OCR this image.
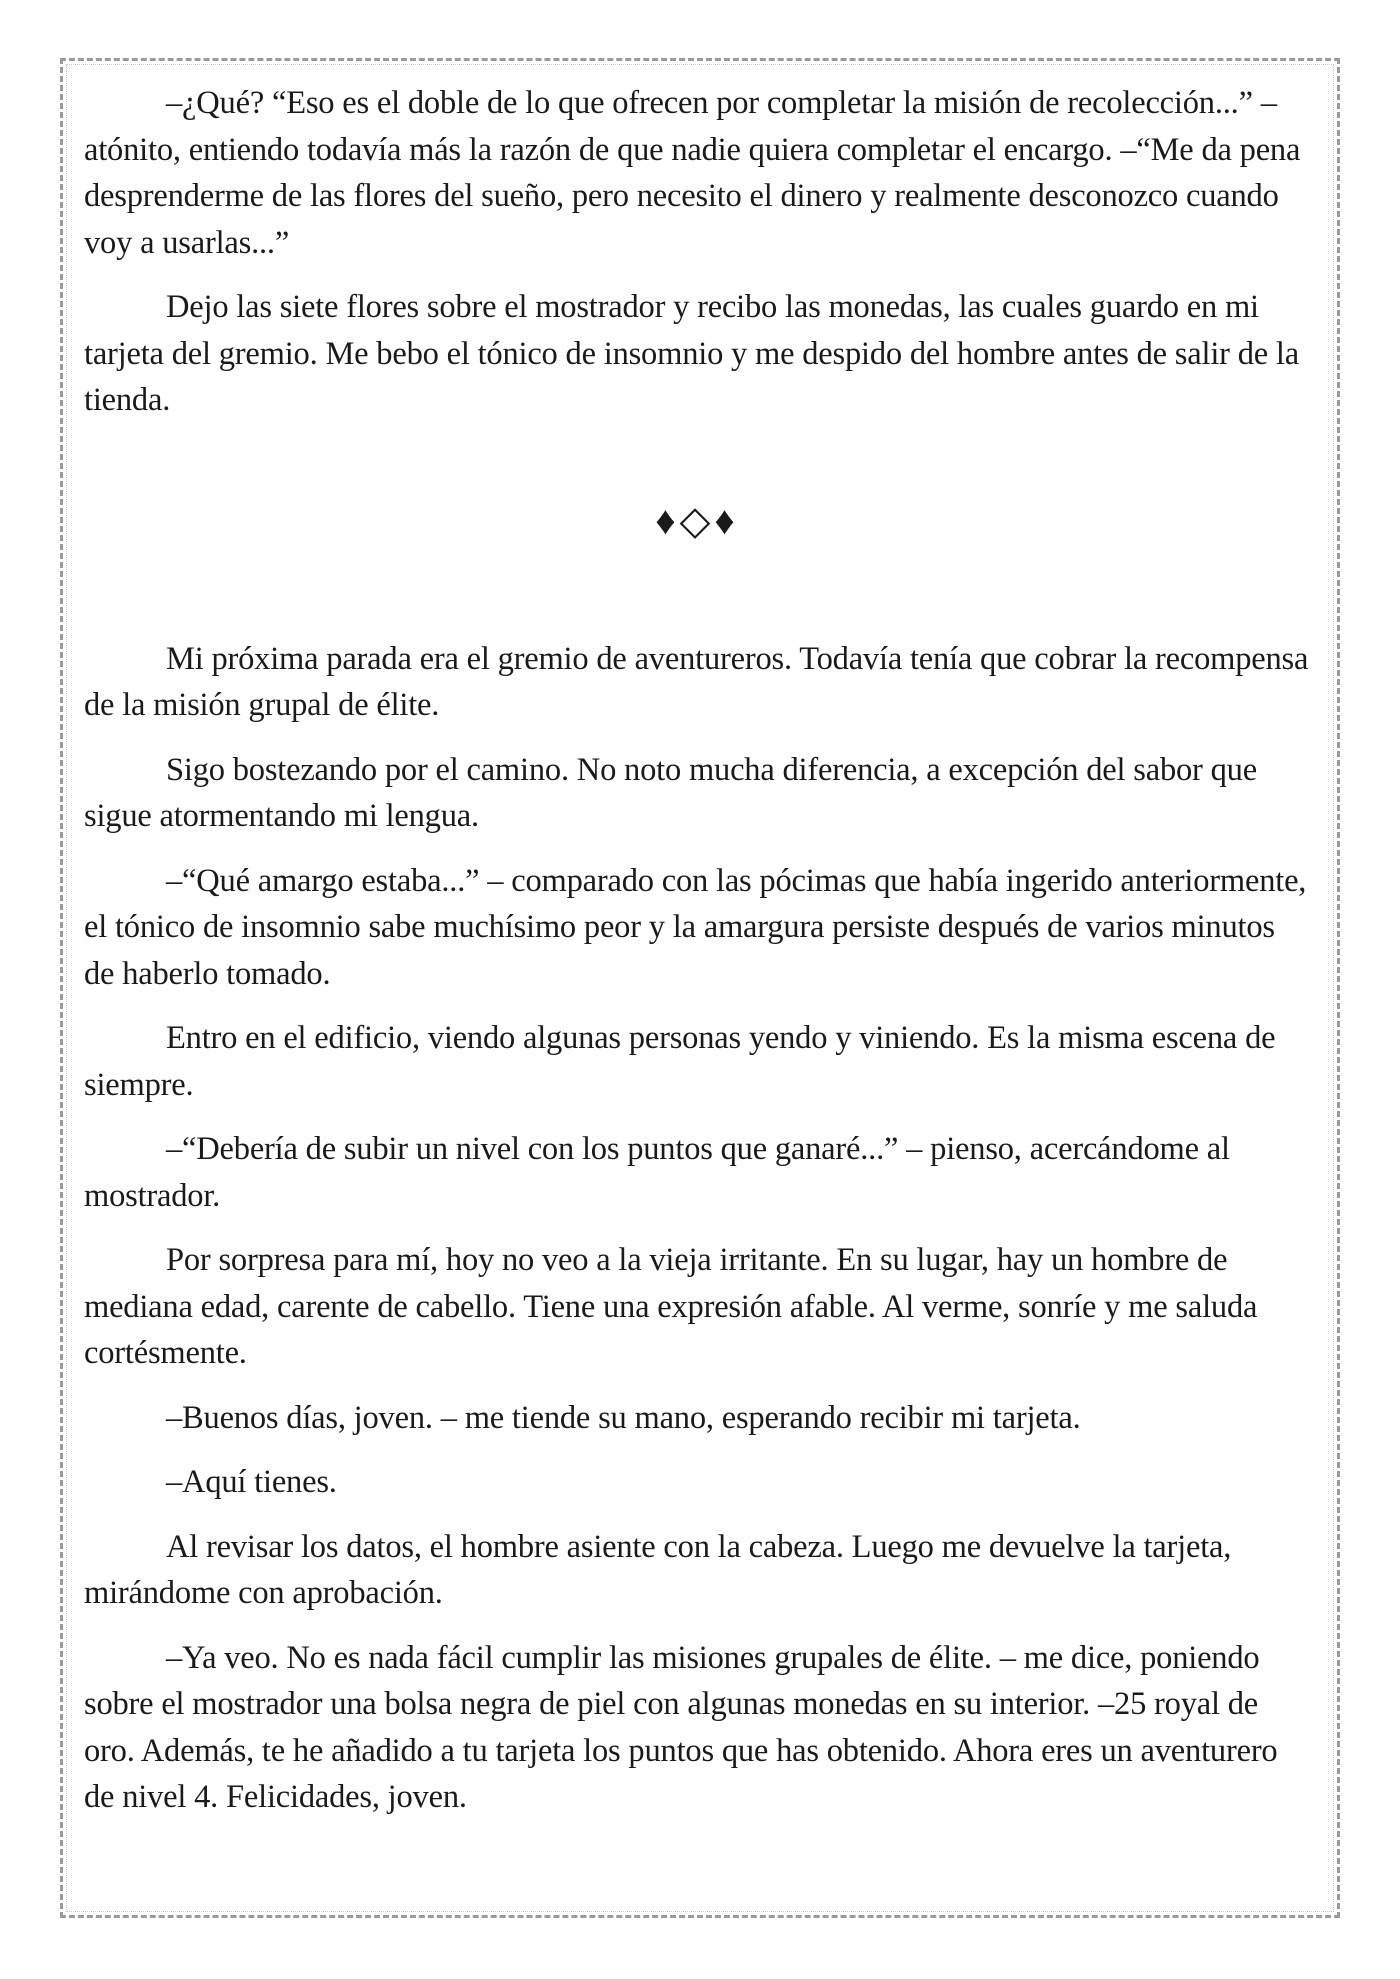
–¿Qué? “Eso es el doble de lo que ofrecen por completar la misión de recolección...” – atónito, entiendo todavía más la razón de que nadie quiera completar el encargo. –“Me da pena desprenderme de las flores del sueño, pero necesito el dinero y realmente desconozco cuando voy a usarlas...”

Dejo las siete flores sobre el mostrador y recibo las monedas, las cuales guardo en mi tarjeta del gremio. Me bebo el tónico de insomnio y me despido del hombre antes de salir de la tienda.

♦◇♦

Mi próxima parada era el gremio de aventureros. Todavía tenía que cobrar la recompensa de la misión grupal de élite.

Sigo bostezando por el camino. No noto mucha diferencia, a excepción del sabor que sigue atormentando mi lengua.

–“Qué amargo estaba...” – comparado con las pócimas que había ingerido anteriormente, el tónico de insomnio sabe muchísimo peor y la amargura persiste después de varios minutos de haberlo tomado.

Entro en el edificio, viendo algunas personas yendo y viniendo. Es la misma escena de siempre.

–“Debería de subir un nivel con los puntos que ganaré...” – pienso, acercándome al mostrador.

Por sorpresa para mí, hoy no veo a la vieja irritante. En su lugar, hay un hombre de mediana edad, carente de cabello. Tiene una expresión afable. Al verme, sonríe y me saluda cortésmente.

–Buenos días, joven. – me tiende su mano, esperando recibir mi tarjeta.

–Aquí tienes.

Al revisar los datos, el hombre asiente con la cabeza. Luego me devuelve la tarjeta, mirándome con aprobación.

–Ya veo. No es nada fácil cumplir las misiones grupales de élite. – me dice, poniendo sobre el mostrador una bolsa negra de piel con algunas monedas en su interior. –25 royal de oro. Además, te he añadido a tu tarjeta los puntos que has obtenido. Ahora eres un aventurero de nivel 4. Felicidades, joven.
